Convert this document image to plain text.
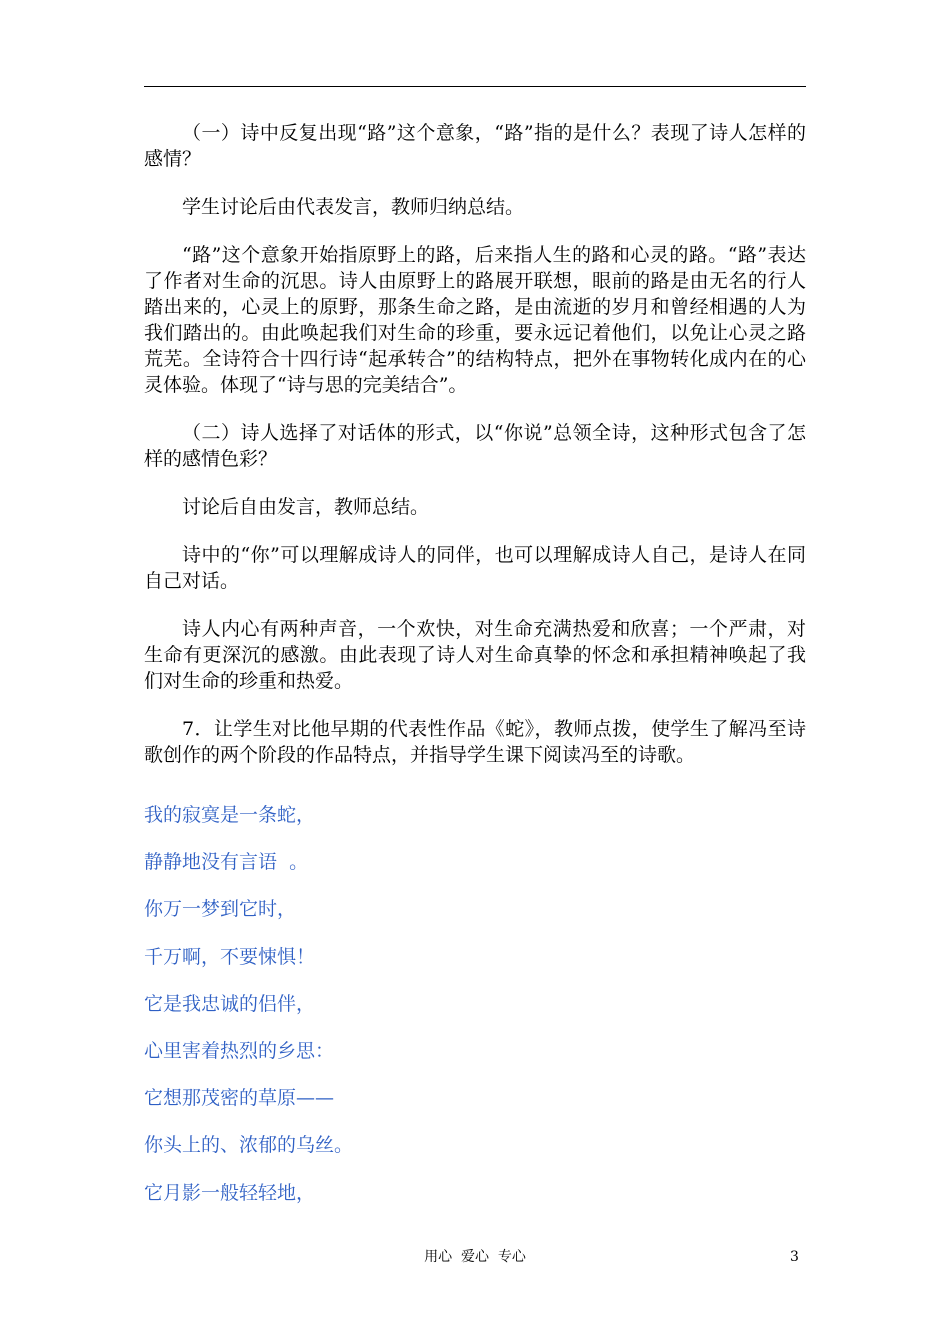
（一）诗中反复出现“路”这个意象，“路”指的是什么？表现了诗人怎样的感情？

学生讨论后由代表发言，教师归纳总结。

“路”这个意象开始指原野上的路，后来指人生的路和心灵的路。“路”表达了作者对生命的沉思。诗人由原野上的路展开联想，眼前的路是由无名的行人踏出来的，心灵上的原野，那条生命之路，是由流逝的岁月和曾经相遇的人为我们踏出的。由此唤起我们对生命的珍重，要永远记着他们，以免让心灵之路荒芜。全诗符合十四行诗“起承转合”的结构特点，把外在事物转化成内在的心灵体验。体现了“诗与思的完美结合”。

（二）诗人选择了对话体的形式，以“你说”总领全诗，这种形式包含了怎样的感情色彩？

讨论后自由发言，教师总结。

诗中的“你”可以理解成诗人的同伴，也可以理解成诗人自己，是诗人在同自己对话。

诗人内心有两种声音，一个欢快，对生命充满热爱和欣喜；一个严肃，对生命有更深沉的感激。由此表现了诗人对生命真挚的怀念和承担精神唤起了我们对生命的珍重和热爱。

7．让学生对比他早期的代表性作品《蛇》，教师点拨，使学生了解冯至诗歌创作的两个阶段的作品特点，并指导学生课下阅读冯至的诗歌。

我的寂寞是一条蛇，

静静地没有言语  。

你万一梦到它时，

千万啊，不要悚惧！

它是我忠诚的侣伴，

心里害着热烈的乡思：

它想那茂密的草原——

你头上的、浓郁的乌丝。

它月影一般轻轻地，

用心  爱心  专心	3
